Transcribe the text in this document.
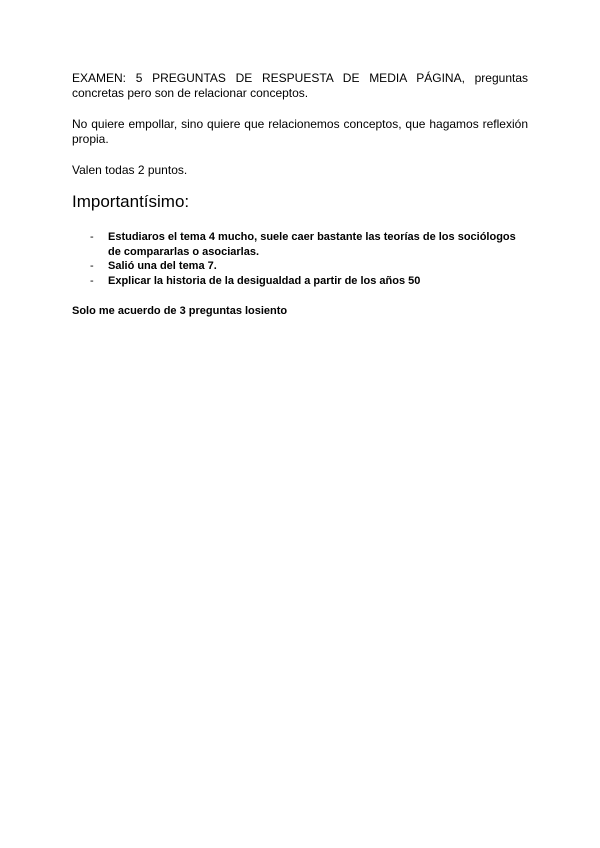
EXAMEN: 5 PREGUNTAS DE RESPUESTA DE MEDIA PÁGINA, preguntas concretas pero son de relacionar conceptos.

No quiere empollar, sino quiere que relacionemos conceptos, que hagamos reflexión propia.

Valen todas 2 puntos.

Importantísimo:
- Estudiaros el tema 4 mucho, suele caer bastante las teorías de los sociólogos de compararlas o asociarlas.
- Salió una del tema 7.
- Explicar la historia de la desigualdad a partir de los años 50

Solo me acuerdo de 3 preguntas losiento
